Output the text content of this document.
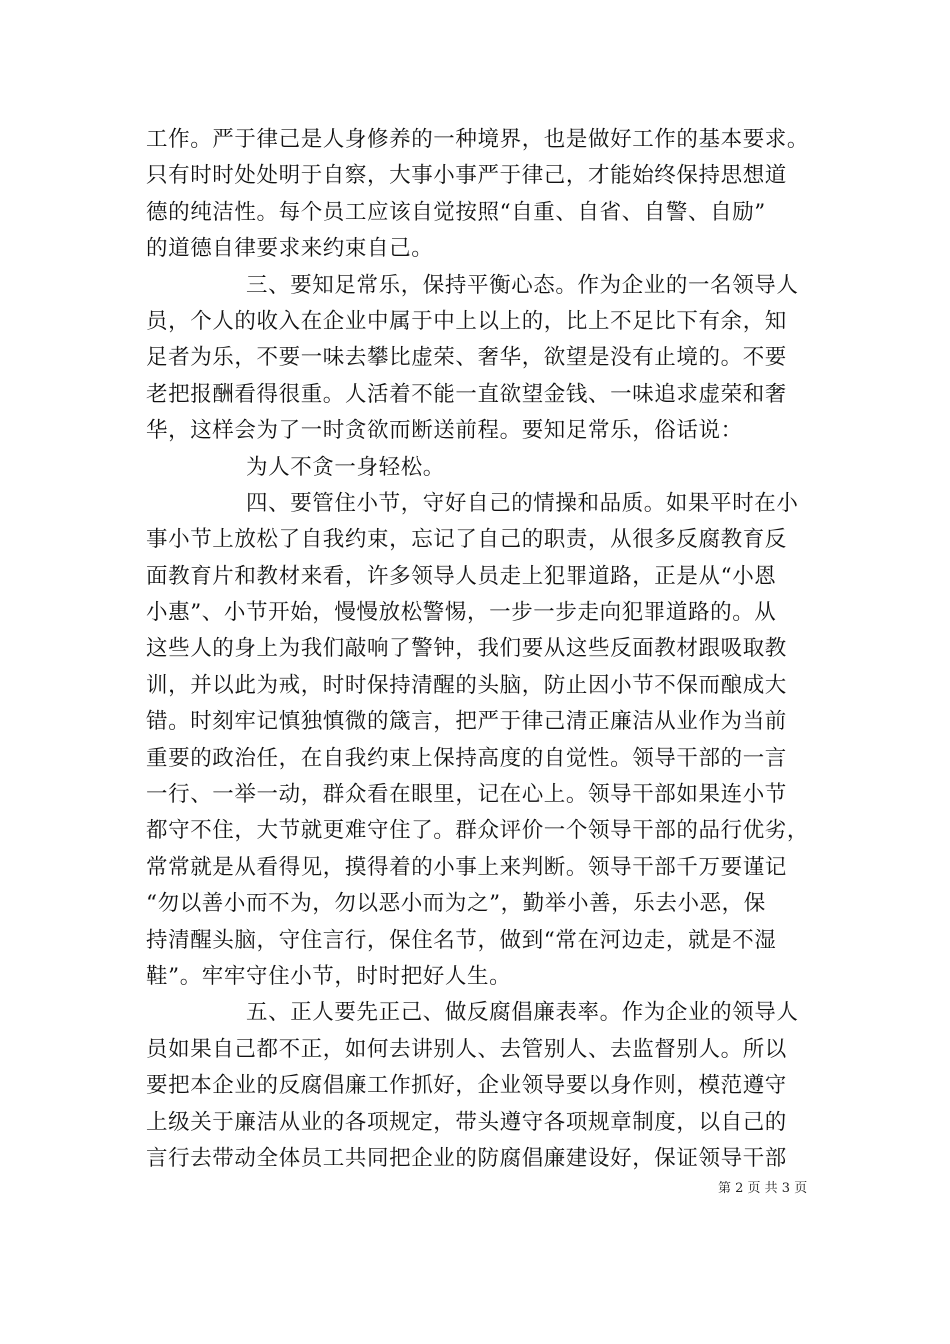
工作。严于律己是人身修养的一种境界，也是做好工作的基本要求。
只有时时处处明于自察，大事小事严于律己，才能始终保持思想道
德的纯洁性。每个员工应该自觉按照“自重、自省、自警、自励”
的道德自律要求来约束自己。
三、要知足常乐，保持平衡心态。作为企业的一名领导人
员，个人的收入在企业中属于中上以上的，比上不足比下有余，知
足者为乐，不要一味去攀比虚荣、奢华，欲望是没有止境的。不要
老把报酬看得很重。人活着不能一直欲望金钱、一味追求虚荣和奢
华，这样会为了一时贪欲而断送前程。要知足常乐，俗话说：
为人不贪一身轻松。
四、要管住小节，守好自己的情操和品质。如果平时在小
事小节上放松了自我约束，忘记了自己的职责，从很多反腐教育反
面教育片和教材来看，许多领导人员走上犯罪道路，正是从“小恩
小惠”、小节开始，慢慢放松警惕，一步一步走向犯罪道路的。从
这些人的身上为我们敲响了警钟，我们要从这些反面教材跟吸取教
训，并以此为戒，时时保持清醒的头脑，防止因小节不保而酿成大
错。时刻牢记慎独慎微的箴言，把严于律己清正廉洁从业作为当前
重要的政治任，在自我约束上保持高度的自觉性。领导干部的一言
一行、一举一动，群众看在眼里，记在心上。领导干部如果连小节
都守不住，大节就更难守住了。群众评价一个领导干部的品行优劣，
常常就是从看得见，摸得着的小事上来判断。领导干部千万要谨记
“勿以善小而不为，勿以恶小而为之”，勤举小善，乐去小恶，保
持清醒头脑，守住言行，保住名节，做到“常在河边走，就是不湿
鞋”。牢牢守住小节，时时把好人生。
五、正人要先正己、做反腐倡廉表率。作为企业的领导人
员如果自己都不正，如何去讲别人、去管别人、去监督别人。所以
要把本企业的反腐倡廉工作抓好，企业领导要以身作则，模范遵守
上级关于廉洁从业的各项规定，带头遵守各项规章制度，以自己的
言行去带动全体员工共同把企业的防腐倡廉建设好，保证领导干部
第 2 页 共 3 页
